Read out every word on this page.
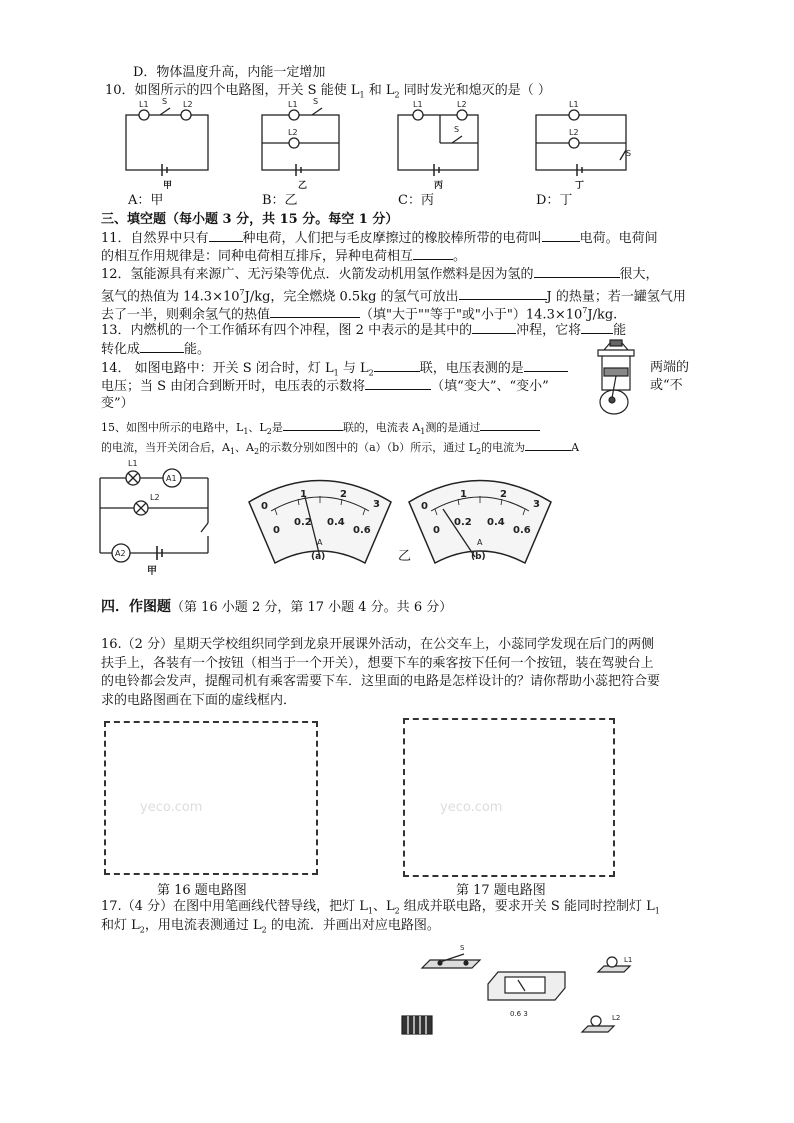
D．物体温度升高，内能一定增加
10．如图所示的四个电路图，开关 S 能使 $L_1$ 和 $L_2$ 同时发光和熄灭的是（ ）
L1 S L2	L1 S
L2
L1	L2
S
L1
L2
S
甲	乙	丙	丁
A：甲	B：乙	C：丙	D：丁
三、填空题（每小题 3 分，共 15 分。每空 1 分）
11．自然界中只有	种电荷，人们把与毛皮摩擦过的橡胶棒所带的电荷叫	电荷。电荷间
的相互作用规律是：同种电荷相互排斥，异种电荷相互	。
12．氢能源具有来源广、无污染等优点．火箭发动机用氢作燃料是因为氢的	很大，
氢气的热值为 $14.3\times 10^7J/kg$，完全燃烧 0.5kg 的氢气可放出	J 的热量；若一罐氢气用
去了一半，则剩余氢气的热值	（填"大于""等于"或"小于"）$14.3\times 10^7J/kg$.
13．内燃机的一个工作循环有四个冲程，图 2 中表示的是其中的	冲程，它将 能
转化成	能。
14． 如图电路中：开关 S 闭合时，灯 $L_1$ 与 $L_2$	联，电压表测的是	两端的
电压；当 S 由闭合到断开时，电压表的示数将	（填“变大”、“变小”	或“不
变”）
15、如图中所示的电路中，$L_1$、$L_2$是	联的，电流表 $A_1$测的是通过
的电流，当开关闭合后，$A_1$、$A_2$的示数分别如图中的（a）（b）所示，通过 $L_2$的电流为	A
L1
A1
L2
A2
甲
0
1	2
3
0
0.2 0.4
0.6
A
(a)	乙
0
1	2
3
0
0.2 0.4
0.6
A
(b)
四．作图题（第 16 小题 2 分，第 17 小题 4 分。共 6 分）
16.（2 分）星期天学校组织同学到龙泉开展课外活动，在公交车上，小蕊同学发现在后门的两侧
扶手上，各装有一个按钮（相当于一个开关），想要下车的乘客按下任何一个按钮，装在驾驶台上
的电铃都会发声，提醒司机有乘客需要下车．这里面的电路是怎样设计的？请你帮助小蕊把符合要
求的电路图画在下面的虚线框内．
yeco.com	yeco.com
第 16 题电路图	第 17 题电路图
17.（4 分）在图中用笔画线代替导线，把灯 $L_1$、$L_2$ 组成并联电路，要求开关 S 能同时控制灯 $L_1$
和灯 $L_2$，用电流表测通过 $L_2$ 的电流．并画出对应电路图。
S
0.6 3
L1
L2
